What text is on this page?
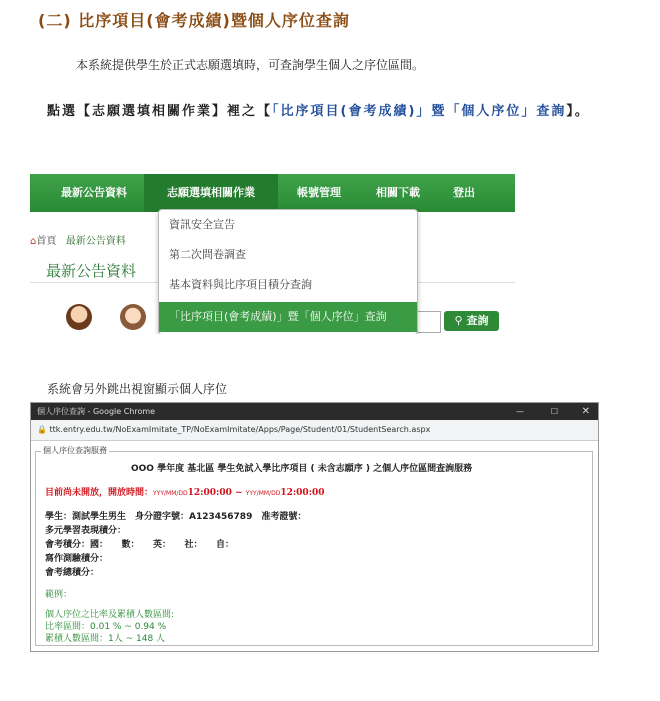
(二) 比序項目(會考成績)暨個人序位查詢
本系統提供學生於正式志願選填時，可查詢學生個人之序位區間。
點選【志願選填相關作業】裡之【「比序項目(會考成績)」暨「個人序位」查詢】。
最新公告資料	志願選填相關作業	帳號管理	相關下載	登出
⌂首頁 最新公告資料
最新公告資料
⚲ 查詢
資訊安全宣告
第二次問卷調查
基本資料與比序項目積分查詢
「比序項目(會考成績)」暨「個人序位」查詢
系統會另外跳出視窗顯示個人序位
個人序位查詢 - Google Chrome	—	☐ ✕
🔒 ttk.entry.edu.tw/NoExamImitate_TP/NoExamImitate/Apps/Page/Student/01/StudentSearch.aspx
個人序位查詢服務
OOO 學年度 基北區 學生免試入學比序項目 ( 未含志願序 ) 之個人序位區間查詢服務
目前尚未開放，開放時間：YYY/MM/DD12:00:00 ~ YYY/MM/DD12:00:00
學生：測試學生男生　身分證字號：A123456789　准考證號：
多元學習表現積分：
會考積分：國：　　數：　　英：　　社：　　自：
寫作測驗積分：
會考總積分：
範例：
個人序位之比率及累積人數區間:
比率區間：0.01 % ~ 0.94 %
累積人數區間：1人 ~ 148 人
